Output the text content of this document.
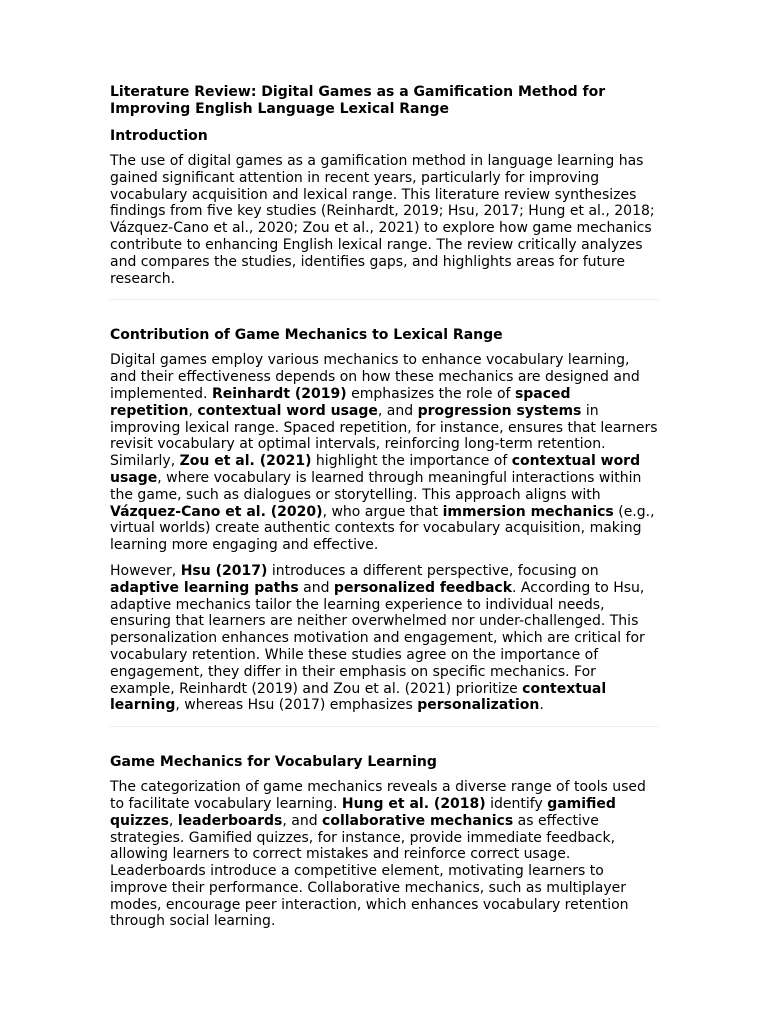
Literature Review: Digital Games as a Gamification Method for Improving English Language Lexical Range
Introduction
The use of digital games as a gamification method in language learning has gained significant attention in recent years, particularly for improving vocabulary acquisition and lexical range. This literature review synthesizes findings from five key studies (Reinhardt, 2019; Hsu, 2017; Hung et al., 2018; Vázquez-Cano et al., 2020; Zou et al., 2021) to explore how game mechanics contribute to enhancing English lexical range. The review critically analyzes and compares the studies, identifies gaps, and highlights areas for future research.
Contribution of Game Mechanics to Lexical Range
Digital games employ various mechanics to enhance vocabulary learning, and their effectiveness depends on how these mechanics are designed and implemented. Reinhardt (2019) emphasizes the role of spaced repetition, contextual word usage, and progression systems in improving lexical range. Spaced repetition, for instance, ensures that learners revisit vocabulary at optimal intervals, reinforcing long-term retention. Similarly, Zou et al. (2021) highlight the importance of contextual word usage, where vocabulary is learned through meaningful interactions within the game, such as dialogues or storytelling. This approach aligns with Vázquez-Cano et al. (2020), who argue that immersion mechanics (e.g., virtual worlds) create authentic contexts for vocabulary acquisition, making learning more engaging and effective.
However, Hsu (2017) introduces a different perspective, focusing on adaptive learning paths and personalized feedback. According to Hsu, adaptive mechanics tailor the learning experience to individual needs, ensuring that learners are neither overwhelmed nor under-challenged. This personalization enhances motivation and engagement, which are critical for vocabulary retention. While these studies agree on the importance of engagement, they differ in their emphasis on specific mechanics. For example, Reinhardt (2019) and Zou et al. (2021) prioritize contextual learning, whereas Hsu (2017) emphasizes personalization.
Game Mechanics for Vocabulary Learning
The categorization of game mechanics reveals a diverse range of tools used to facilitate vocabulary learning. Hung et al. (2018) identify gamified quizzes, leaderboards, and collaborative mechanics as effective strategies. Gamified quizzes, for instance, provide immediate feedback, allowing learners to correct mistakes and reinforce correct usage. Leaderboards introduce a competitive element, motivating learners to improve their performance. Collaborative mechanics, such as multiplayer modes, encourage peer interaction, which enhances vocabulary retention through social learning.
